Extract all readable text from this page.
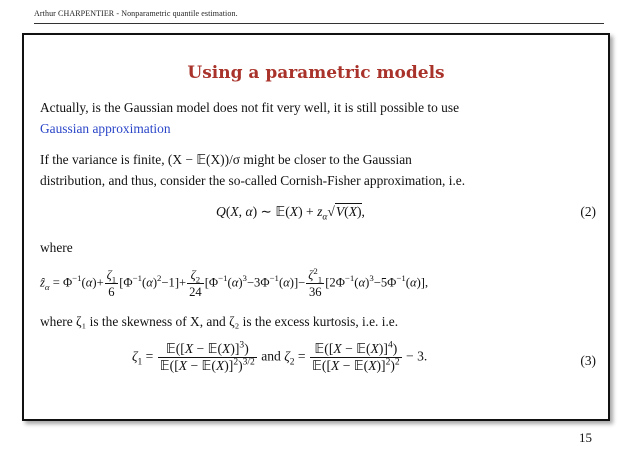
Arthur CHARPENTIER - Nonparametric quantile estimation.
Using a parametric models
Actually, is the Gaussian model does not fit very well, it is still possible to use
Gaussian approximation
If the variance is finite, (X − 𝔼(X))/σ might be closer to the Gaussian
distribution, and thus, consider the so-called Cornish-Fisher approximation, i.e.
Q(X, α) ∼ 𝔼(X) + $z_\alpha√V(X)$,	(2)
where
ẑ$_\alpha$ = $\Phi^{-1}(\alpha)+ \frac{\zeta_1}{6} [\Phi^{-1}(\alpha)^2-1]+ \frac{\zeta_2}{24} [\Phi^{-1}(\alpha)^3-3\Phi^{-1}(\alpha)]- \frac{\zeta^2_1}{36} [2\Phi^{-1}(\alpha)^3-5\Phi^{-1}(\alpha)]$,
where ζ₁ is the skewness of X, and ζ₂ is the excess kurtosis, i.e. i.e.
$\zeta_1 = \frac{𝔼([X - 𝔼(X)]^3)}{𝔼([X - 𝔼(X)]^2)^{3/2}}$ and $\zeta_2 = \frac{𝔼([X - 𝔼(X)]^4)}{𝔼([X - 𝔼(X)]^2)^2} - 3$.	(3)
15
